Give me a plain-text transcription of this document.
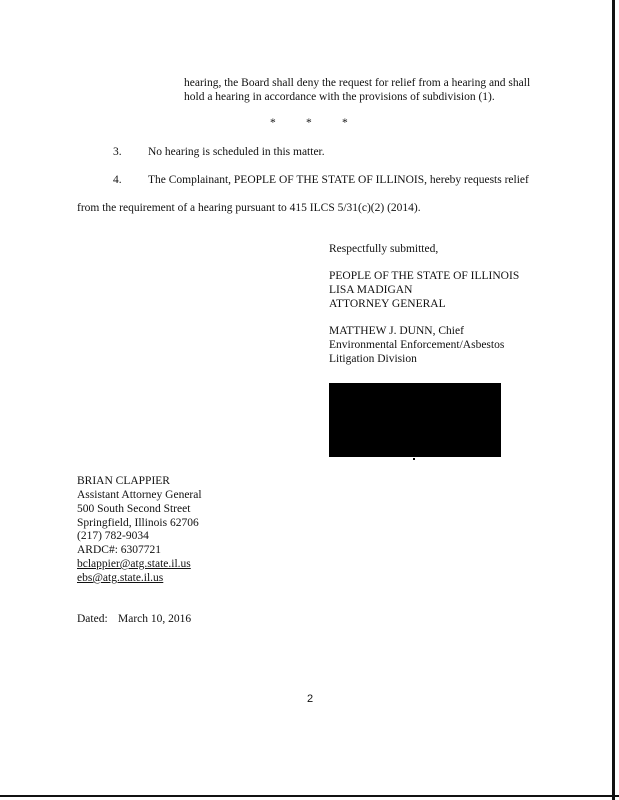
hearing, the Board shall deny the request for relief from a hearing and shall
hold a hearing in accordance with the provisions of subdivision (1).
*	*	*
3. No hearing is scheduled in this matter.
4. The Complainant, PEOPLE OF THE STATE OF ILLINOIS, hereby requests relief
from the requirement of a hearing pursuant to 415 ILCS 5/31(c)(2) (2014).
Respectfully submitted,
PEOPLE OF THE STATE OF ILLINOIS
LISA MADIGAN
ATTORNEY GENERAL
MATTHEW J. DUNN, Chief
Environmental Enforcement/Asbestos
Litigation Division
BRIAN CLAPPIER
Assistant Attorney General
500 South Second Street
Springfield, Illinois 62706
(217) 782-9034
ARDC#: 6307721
bclappier@atg.state.il.us
ebs@atg.state.il.us
Dated: March 10, 2016
2
